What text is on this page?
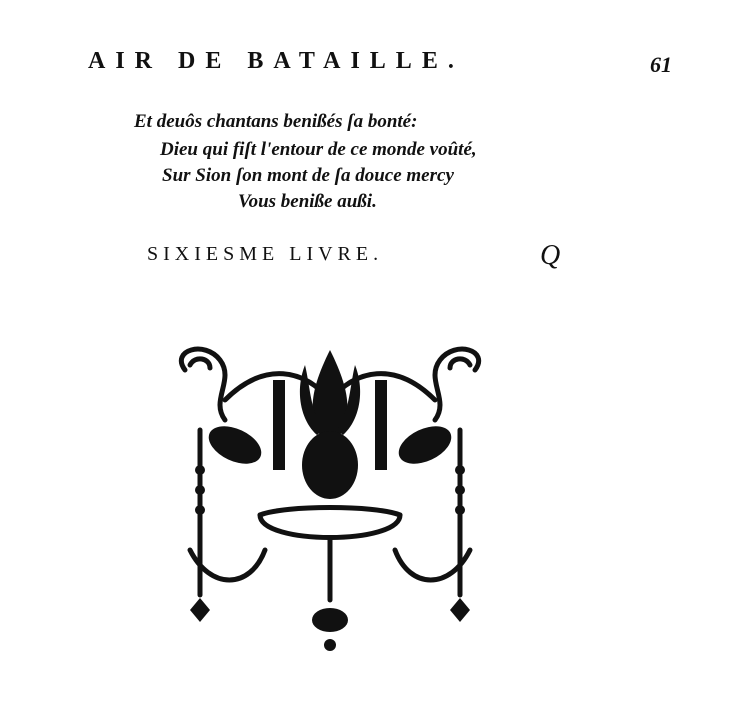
AIR DE BATAILLE.	61
Et deuôs chantans benißés ſa bonté:
Dieu qui fiſt l'entour de ce monde voûté,
Sur Sion ſon mont de ſa douce mercy
Vous beniße außi.
SIXIESME LIVRE.	Q
